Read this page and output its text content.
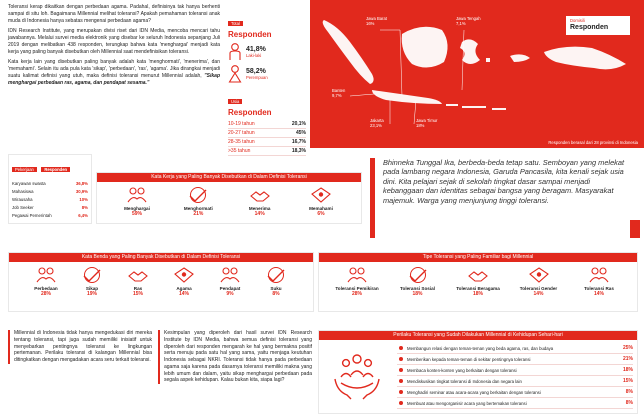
Toleransi kerap dikaitkan dengan perbedaan agama. Padahal, definisinya tak hanya berhenti sampai di situ loh. Bagaimana Millennial melihat toleransi? Apakah pemahaman toleransi anak muda di Indonesia hanya sebatas mengenai perbedaan agama?

IDN Research Institute, yang merupakan divisi riset dari IDN Media, mencoba mencari tahu jawabannya. Melalui survei media elektronik yang disebar ke seluruh Indonesia sepanjang Juli 2019 dengan melibatkan 438 responden, terungkap bahwa kata 'menghargai' menjadi kata kerja yang paling banyak disebutkan oleh Millennial saat mendefinisikan toleransi.

Kata kerja lain yang disebutkan paling banyak adalah kata 'menghormati', 'menerima', dan 'memahami'. Selain itu ada pula kata 'sikap', 'perbedaan', 'ras', 'agama'. Jika dirangkai menjadi suatu kalimat definisi yang utuh, maka definisi toleransi menurut Millennial adalah, "Sikap menghargai perbedaan ras, agama, dan pendapat sesama."

Total
Responden
41,8%
Laki-laki
58,2%
Perempuan
Usia
Responden
10-19 tahun	20,1%
20-27 tahun	45%
28-35 tahun	16,7%
>35 tahun	18,3%
Domisili
Responden
Jawa Barat
16%
Jawa Tengah
7,1%
Banten
9,7%
Jakarta
23,1%
Jawa Timur
18%
Responden berasal dari 28 provinsi di Indonesia
Pekerjaan Responden
Karyawan swasta	36,8%
Mahasiswa	30,9%
Wirausaha	10%
Job Seeker	8%
Pegawai Pemerintah	6,4%
Kata Kerja yang Paling Banyak Disebutkan di Dalam Definisi Toleransi
Menghargai
59%
Menghormati
21%
Menerima
14%
Memahami
6%
Bhinneka Tunggal Ika, berbeda-beda tetap satu. Semboyan yang melekat pada lambang negara Indonesia, Garuda Pancasila, kita kenali sejak usia dini. Kita pelajari sejak di sekolah tingkat dasar sampai menjadi kebanggaan dan identitas sebagai bangsa yang beragam. Masyarakat majemuk. Warga yang menjunjung tinggi toleransi.
Kata Benda yang Paling Banyak Disebutkan di Dalam Definisi Toleransi
Perbedaan
28%
Sikap
19%
Ras
15%
Agama
14%
Pendapat
9%
Suku
8%
Tipe Toleransi yang Paling Familiar bagi Millennial
Toleransi Pemikiran
28%
Toleransi Sosial
18%
Toleransi Beragama
18%
Toleransi Gender
14%
Toleransi Ras
14%
Millennial di Indonesia tidak hanya mengedukasi diri mereka tentang toleransi, tapi juga sudah memiliki inisiatif untuk menyebarkan pentingnya toleransi ke lingkungan pertemanan. Perilaku toleransi di kalangan Millennial bisa ditingkatkan dengan mengadakan acara seru terkait toleransi.
Kesimpulan yang diperoleh dari hasil survei IDN Research Institute by IDN Media, bahwa semua definisi toleransi yang diperoleh dari responden mengarah ke hal yang bermakna positif serta menuju pada satu hal yang sama, yaitu menjaga keutuhan Indonesia sebagai NKRI. Toleransi tidak hanya pada perbedaan agama saja karena pada dasarnya toleransi memiliki makna yang lebih umum dan dalam, yaitu sikap menghargai perbedaan pada segala aspek kehidupan. Kalau bukan kita, siapa lagi?
Perilaku Toleransi yang Sudah Dilakukan Millennial di Kehidupan Sehari-hari
Membangun relasi dengan teman-teman yang beda agama, ras, dan budaya	25%
Memberikan kepada teman-teman di sekitar pentingnya toleransi	21%
Membaca konten-konten yang berkaitan dengan toleransi	18%
Mendiskusikan tingkat toleransi di Indonesia dan negara lain	15%
Menghadiri seminar atau acara-acara yang berkaitan dengan toleransi	8%
Membuat atau mengorganisir acara yang bertemakan toleransi	8%
